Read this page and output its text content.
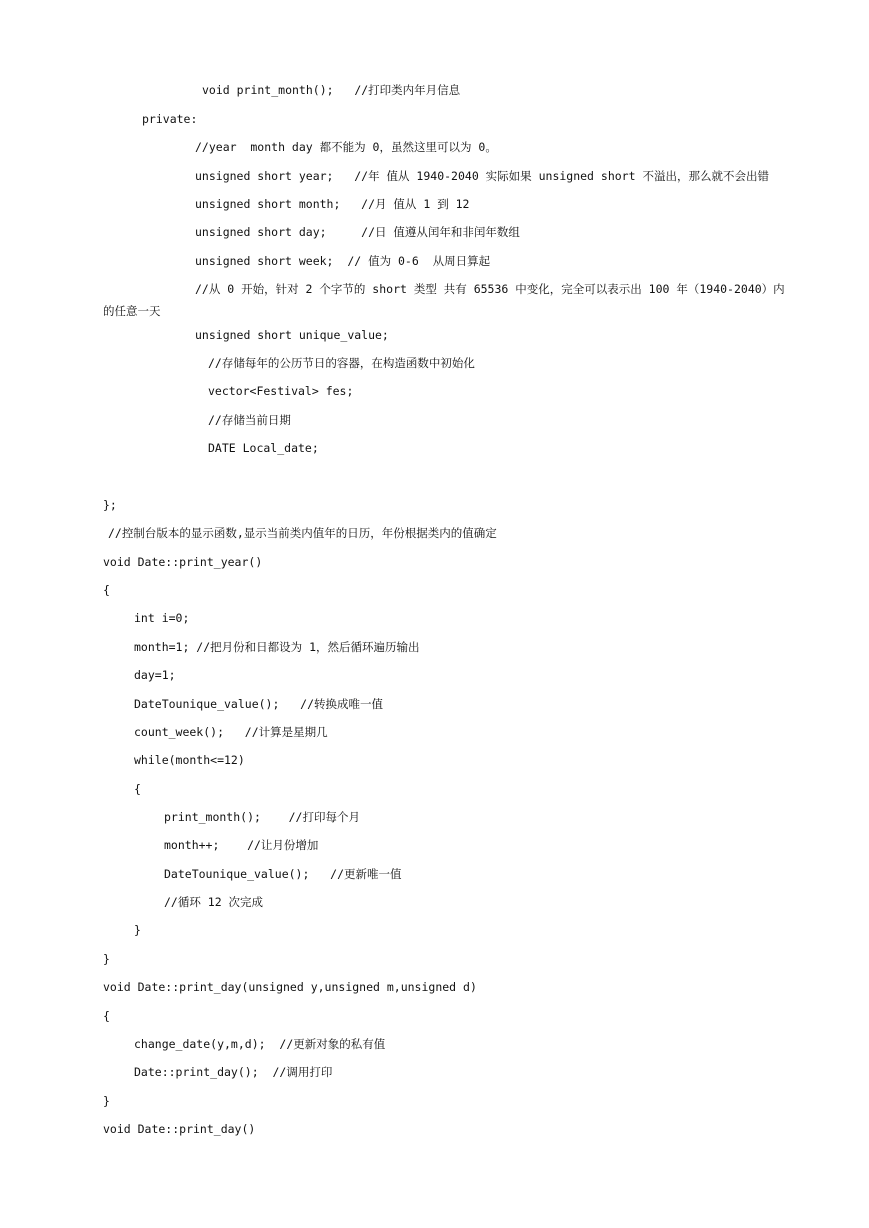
void print_month();   //打印类内年月信息
private:
//year  month day 都不能为 0，虽然这里可以为 0。
unsigned short year;   //年 值从 1940-2040 实际如果 unsigned short 不溢出，那么就不会出错
unsigned short month;   //月 值从 1 到 12
unsigned short day;     //日 值遵从闰年和非闰年数组
unsigned short week;  // 值为 0-6  从周日算起
//从 0 开始，针对 2 个字节的 short 类型 共有 65536 中变化，完全可以表示出 100 年（1940-2040）内的任意一天
unsigned short unique_value;
//存储每年的公历节日的容器，在构造函数中初始化
vector<Festival> fes;
//存储当前日期
DATE Local_date;
};
//控制台版本的显示函数,显示当前类内值年的日历，年份根据类内的值确定
void Date::print_year()
{
int i=0;
month=1; //把月份和日都设为 1，然后循环遍历输出
day=1;
DateTounique_value();   //转换成唯一值
count_week();   //计算是星期几
while(month<=12)
{
print_month();    //打印每个月
month++;    //让月份增加
DateTounique_value();   //更新唯一值
//循环 12 次完成
}
}
void Date::print_day(unsigned y,unsigned m,unsigned d)
{
change_date(y,m,d);  //更新对象的私有值
Date::print_day();  //调用打印
}
void Date::print_day()
